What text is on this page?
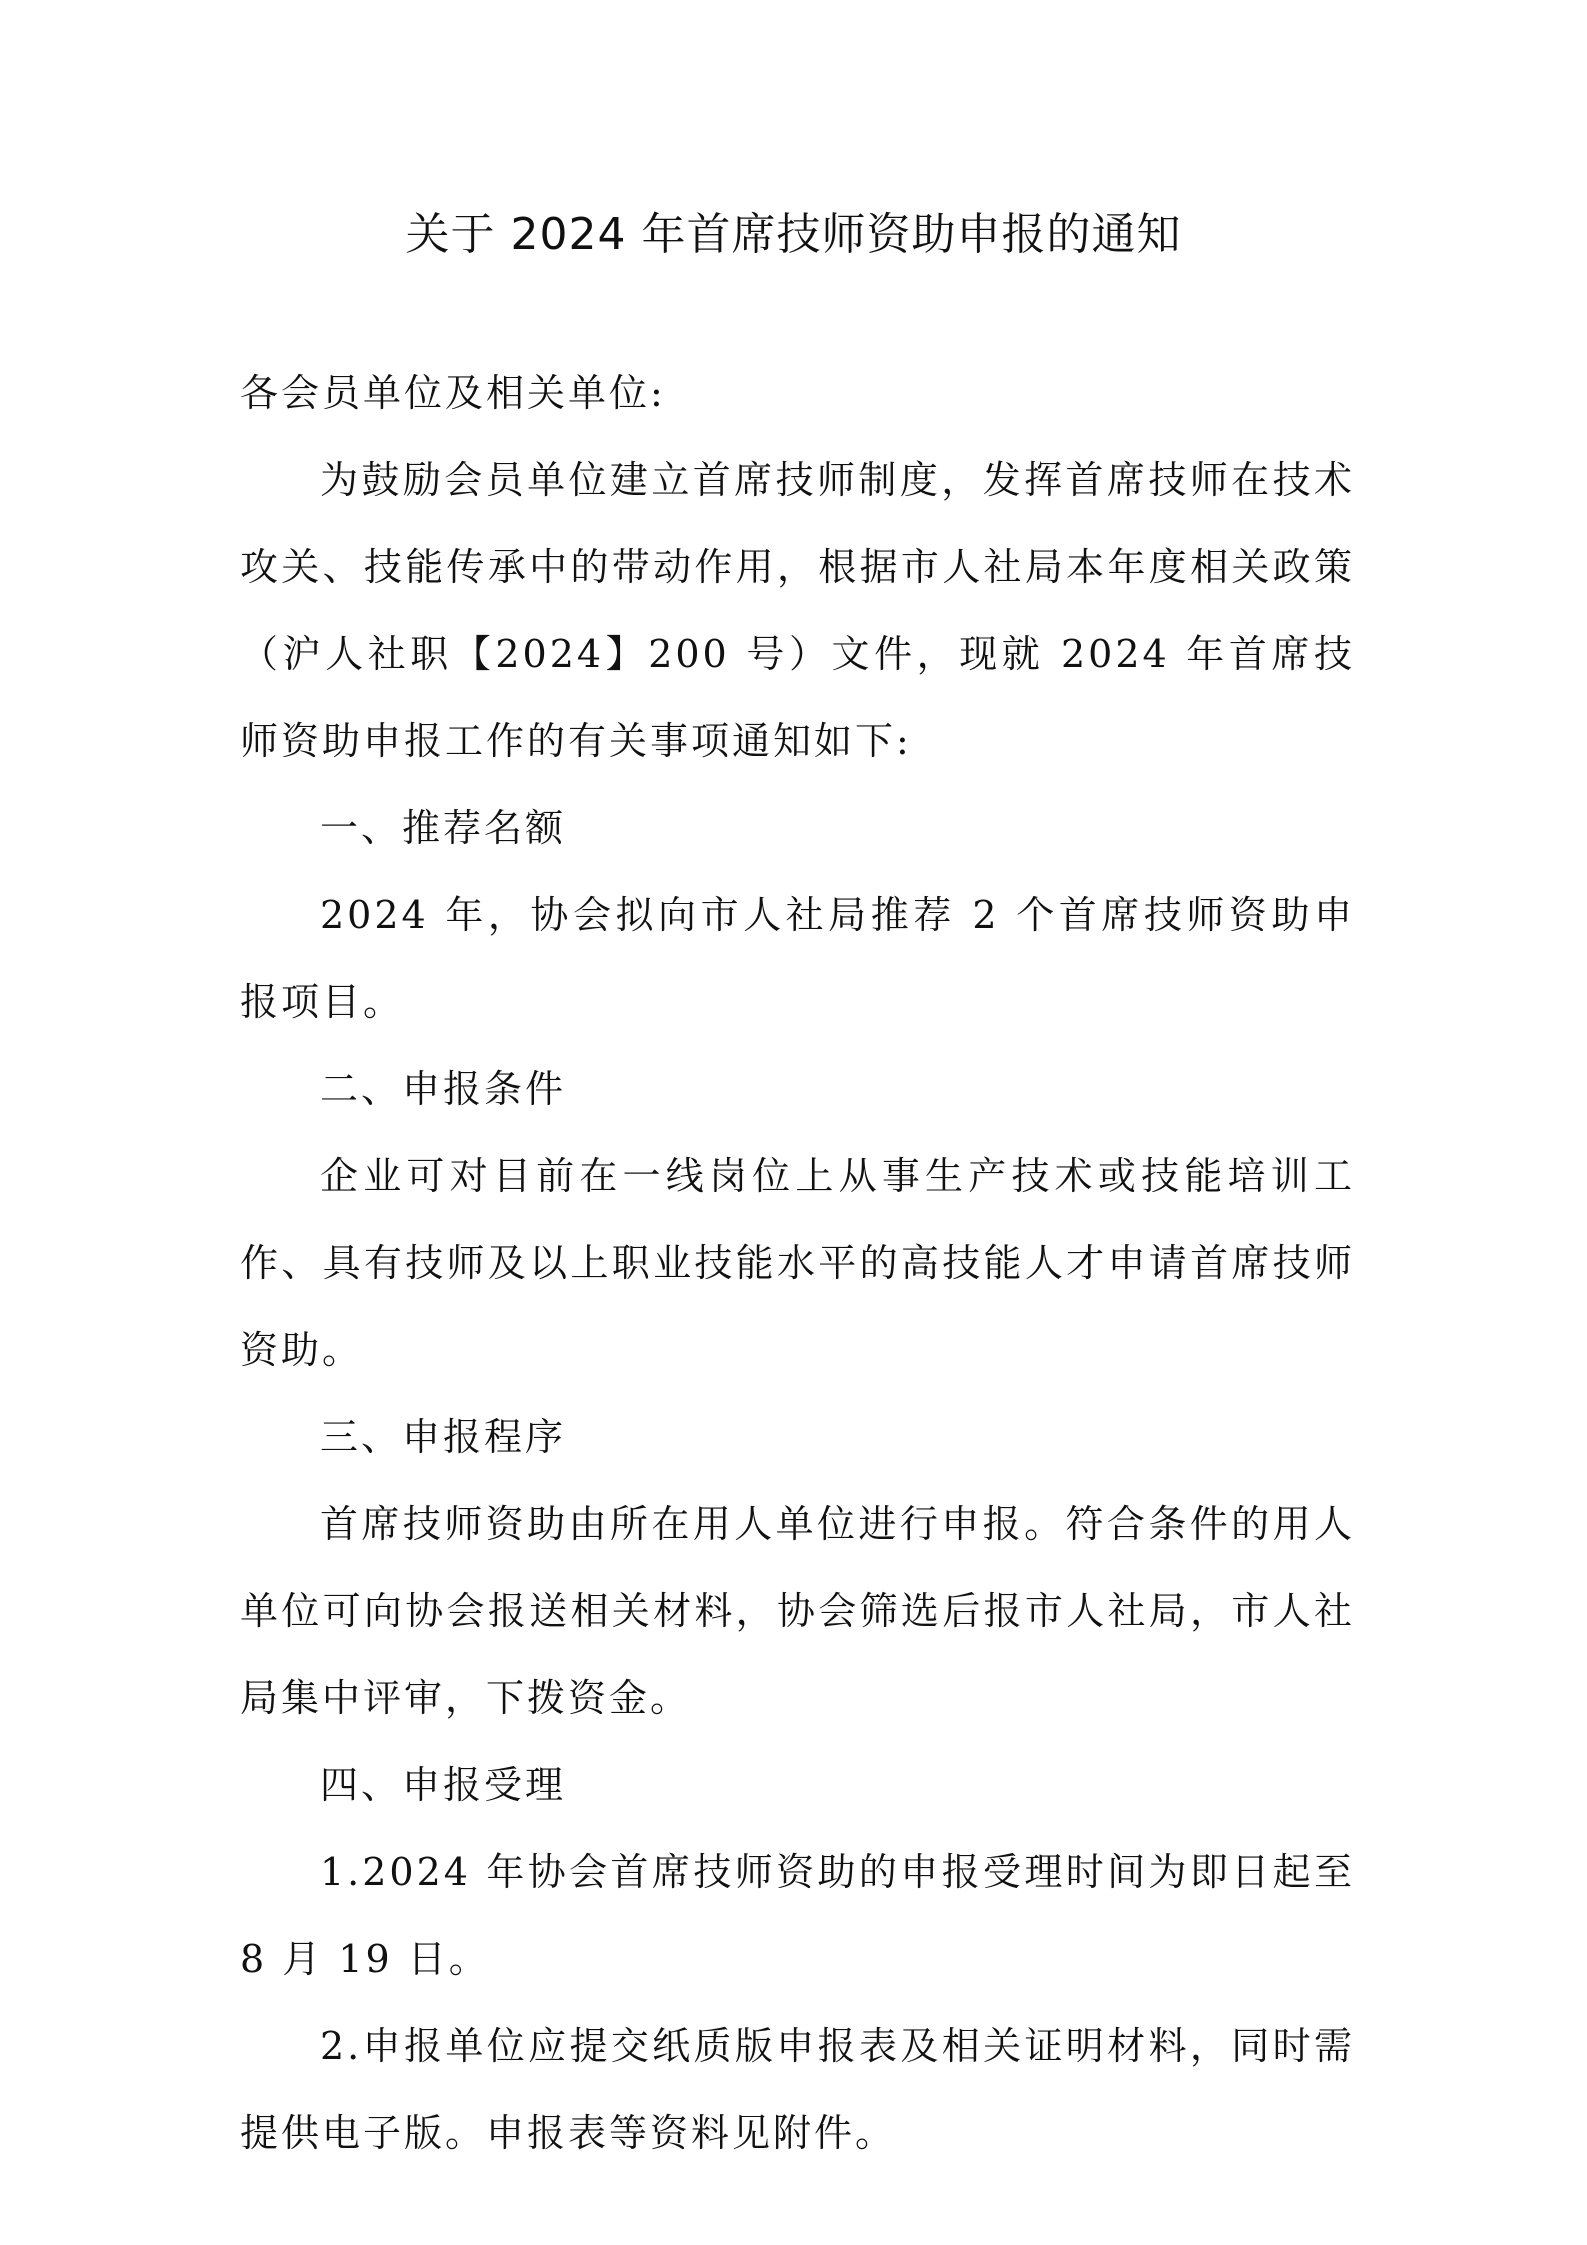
关于 2024 年首席技师资助申报的通知

各会员单位及相关单位:

为鼓励会员单位建立首席技师制度，发挥首席技师在技术攻关、技能传承中的带动作用，根据市人社局本年度相关政策（沪人社职【2024】200 号）文件，现就 2024 年首席技师资助申报工作的有关事项通知如下:

一、推荐名额

2024 年，协会拟向市人社局推荐 2 个首席技师资助申报项目。

二、申报条件

企业可对目前在一线岗位上从事生产技术或技能培训工作、具有技师及以上职业技能水平的高技能人才申请首席技师资助。

三、申报程序

首席技师资助由所在用人单位进行申报。符合条件的用人单位可向协会报送相关材料，协会筛选后报市人社局，市人社局集中评审，下拨资金。

四、申报受理

1.2024 年协会首席技师资助的申报受理时间为即日起至 8 月 19 日。

2.申报单位应提交纸质版申报表及相关证明材料，同时需提供电子版。申报表等资料见附件。
